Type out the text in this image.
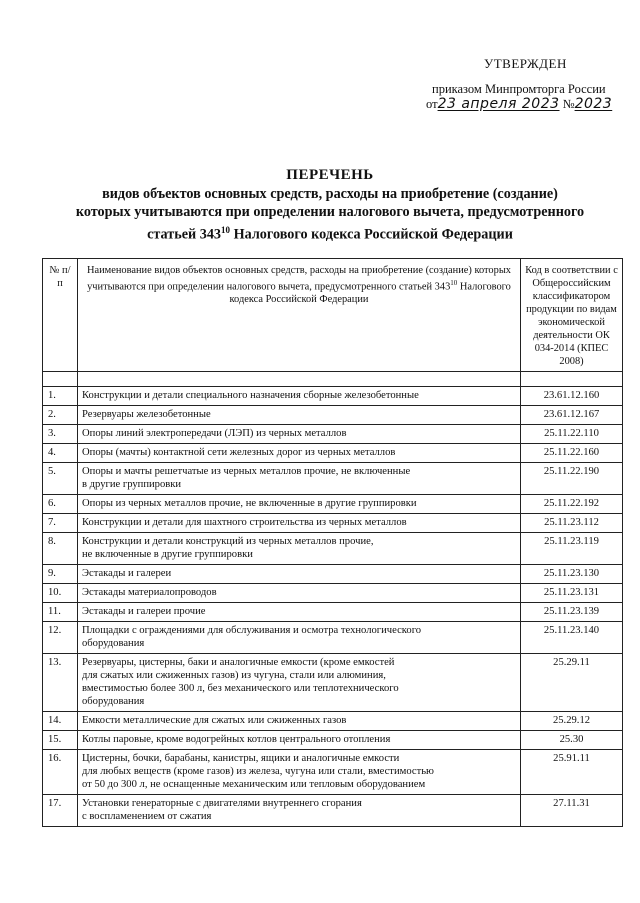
УТВЕРЖДЕН
приказом Минпромторга России
от23 апреля 2023 №2023
ПЕРЕЧЕНЬ
видов объектов основных средств, расходы на приобретение (создание)
которых учитываются при определении налогового вычета, предусмотренного
статьей $343^{10}$ Налогового кодекса Российской Федерации
№ п/п	Наименование видов объектов основных средств, расходы на приобретение (создание) которых учитываются при определении налогового вычета, предусмотренного статьей $343^{10}$ Налогового кодекса Российской Федерации	Код в соответствии с Общероссийским классификатором продукции по видам экономической деятельности ОК 034-2014 (КПЕС 2008)

1.	Конструкции и детали специального назначения сборные железобетонные	23.61.12.160
2.	Резервуары железобетонные	23.61.12.167
3.	Опоры линий электропередачи (ЛЭП) из черных металлов	25.11.22.110
4.	Опоры (мачты) контактной сети железных дорог из черных металлов	25.11.22.160
5.	Опоры и мачты решетчатые из черных металлов прочие, не включенные
в другие группировки	25.11.22.190
6.	Опоры из черных металлов прочие, не включенные в другие группировки	25.11.22.192
7.	Конструкции и детали для шахтного строительства из черных металлов	25.11.23.112
8.	Конструкции и детали конструкций из черных металлов прочие,
не включенные в другие группировки	25.11.23.119
9.	Эстакады и галереи	25.11.23.130
10.	Эстакады материалопроводов	25.11.23.131
11.	Эстакады и галереи прочие	25.11.23.139
12.	Площадки с ограждениями для обслуживания и осмотра технологического
оборудования	25.11.23.140
13.	Резервуары, цистерны, баки и аналогичные емкости (кроме емкостей
для сжатых или сжиженных газов) из чугуна, стали или алюминия,
вместимостью более 300 л, без механического или теплотехнического
оборудования	25.29.11
14.	Емкости металлические для сжатых или сжиженных газов	25.29.12
15.	Котлы паровые, кроме водогрейных котлов центрального отопления	25.30
16.	Цистерны, бочки, барабаны, канистры, ящики и аналогичные емкости
для любых веществ (кроме газов) из железа, чугуна или стали, вместимостью
от 50 до 300 л, не оснащенные механическим или тепловым оборудованием	25.91.11
17.	Установки генераторные с двигателями внутреннего сгорания
с воспламенением от сжатия	27.11.31
